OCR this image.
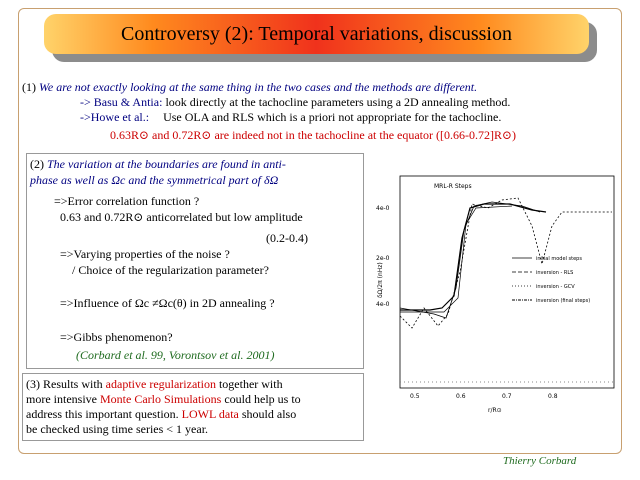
Controversy (2): Temporal variations, discussion
(1) We are not exactly looking at the same thing in the two cases and the methods are different.
-> Basu & Antia: look directly at the tachocline parameters using a 2D annealing method.
->Howe et al.: Use OLA and RLS which is a priori not appropriate for the tachocline.
0.63R⊙ and 0.72R⊙ are indeed not in the tachocline at the equator ([0.66-0.72]R⊙)
(2) The variation at the boundaries are found in anti-
phase as well as Ωc and the symmetrical part of δΩ
=>Error correlation function ?
0.63 and 0.72R⊙ anticorrelated but low amplitude
(0.2-0.4)
=>Varying properties of the noise ?
/ Choice of the regularization parameter?
=>Influence of Ωc ≠Ωc(θ) in 2D annealing ?
=>Gibbs phenomenon?
(Corbard et al. 99, Vorontsov et al. 2001)
(3) Results with adaptive regularization together with
more intensive Monte Carlo Simulations could help us to
address this important question. LOWL data should also
be checked using time series < 1 year.
MRL-R Steps
4e-0
2e-0
4e-0
δΩ/2π (nHz)
0.5	0.6	0.7	0.8
r/R⊙
initial model steps
inversion - RLS
inversion - GCV
inversion (final steps)
Thierry Corbard
